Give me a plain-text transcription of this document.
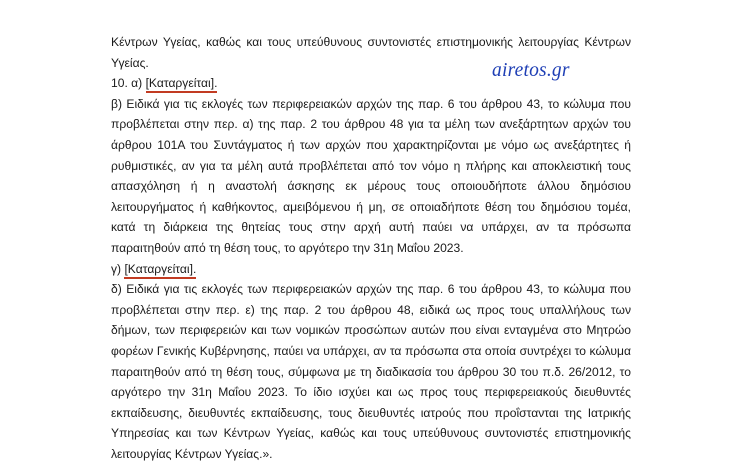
Κέντρων Υγείας, καθώς και τους υπεύθυνους συντονιστές επιστημονικής λειτουργίας Κέντρων Υγείας.

10. α) [Καταργείται].

β) Ειδικά για τις εκλογές των περιφερειακών αρχών της παρ. 6 του άρθρου 43, το κώλυμα που προβλέπεται στην περ. α) της παρ. 2 του άρθρου 48 για τα μέλη των ανεξάρτητων αρχών του άρθρου 101Α του Συντάγματος ή των αρχών που χαρακτηρίζονται με νόμο ως ανεξάρτητες ή ρυθμιστικές, αν για τα μέλη αυτά προβλέπεται από τον νόμο η πλήρης και αποκλειστική τους απασχόληση ή η αναστολή άσκησης εκ μέρους τους οποιουδήποτε άλλου δημόσιου λειτουργήματος ή καθήκοντος, αμειβόμενου ή μη, σε οποιαδήποτε θέση του δημόσιου τομέα, κατά τη διάρκεια της θητείας τους στην αρχή αυτή παύει να υπάρχει, αν τα πρόσωπα παραιτηθούν από τη θέση τους, το αργότερο την 31η Μαΐου 2023.

γ) [Καταργείται].

δ) Ειδικά για τις εκλογές των περιφερειακών αρχών της παρ. 6 του άρθρου 43, το κώλυμα που προβλέπεται στην περ. ε) της παρ. 2 του άρθρου 48, ειδικά ως προς τους υπαλλήλους των δήμων, των περιφερειών και των νομικών προσώπων αυτών που είναι ενταγμένα στο Μητρώο φορέων Γενικής Κυβέρνησης, παύει να υπάρχει, αν τα πρόσωπα στα οποία συντρέχει το κώλυμα παραιτηθούν από τη θέση τους, σύμφωνα με τη διαδικασία του άρθρου 30 του π.δ. 26/2012, το αργότερο την 31η Μαΐου 2023. Το ίδιο ισχύει και ως προς τους περιφερειακούς διευθυντές εκπαίδευσης, διευθυντές εκπαίδευσης, τους διευθυντές ιατρούς που προΐστανται της Ιατρικής Υπηρεσίας και των Κέντρων Υγείας, καθώς και τους υπεύθυνους συντονιστές επιστημονικής λειτουργίας Κέντρων Υγείας.».

airetos.gr
